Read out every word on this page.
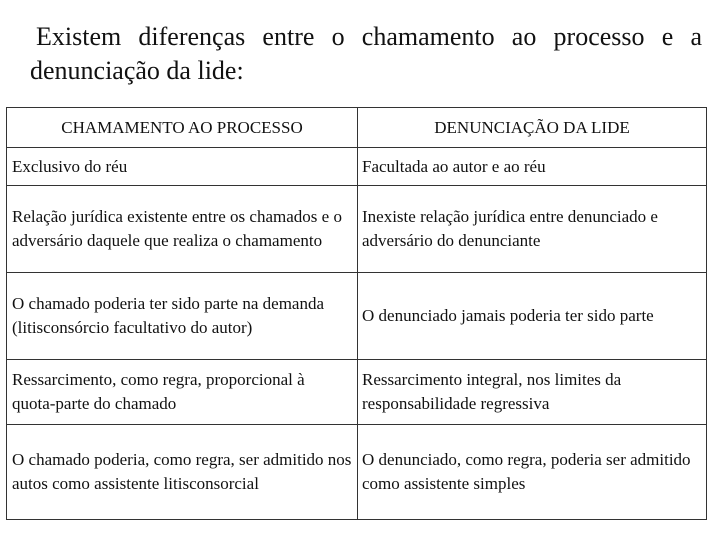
Existem diferenças entre o chamamento ao processo e a
denunciação da lide:
CHAMAMENTO AO PROCESSO	DENUNCIAÇÃO DA LIDE
Exclusivo do réu	Facultada ao autor e ao réu
Relação jurídica existente entre os chamados e o adversário daquele que realiza o chamamento	Inexiste relação jurídica entre denunciado e adversário do denunciante
O chamado poderia ter sido parte na demanda (litisconsórcio facultativo do autor)	O denunciado jamais poderia ter sido parte
Ressarcimento, como regra, proporcional à quota-parte do chamado	Ressarcimento integral, nos limites da responsabilidade regressiva
O chamado poderia, como regra, ser admitido nos autos como assistente litisconsorcial	O denunciado, como regra, poderia ser admitido como assistente simples
